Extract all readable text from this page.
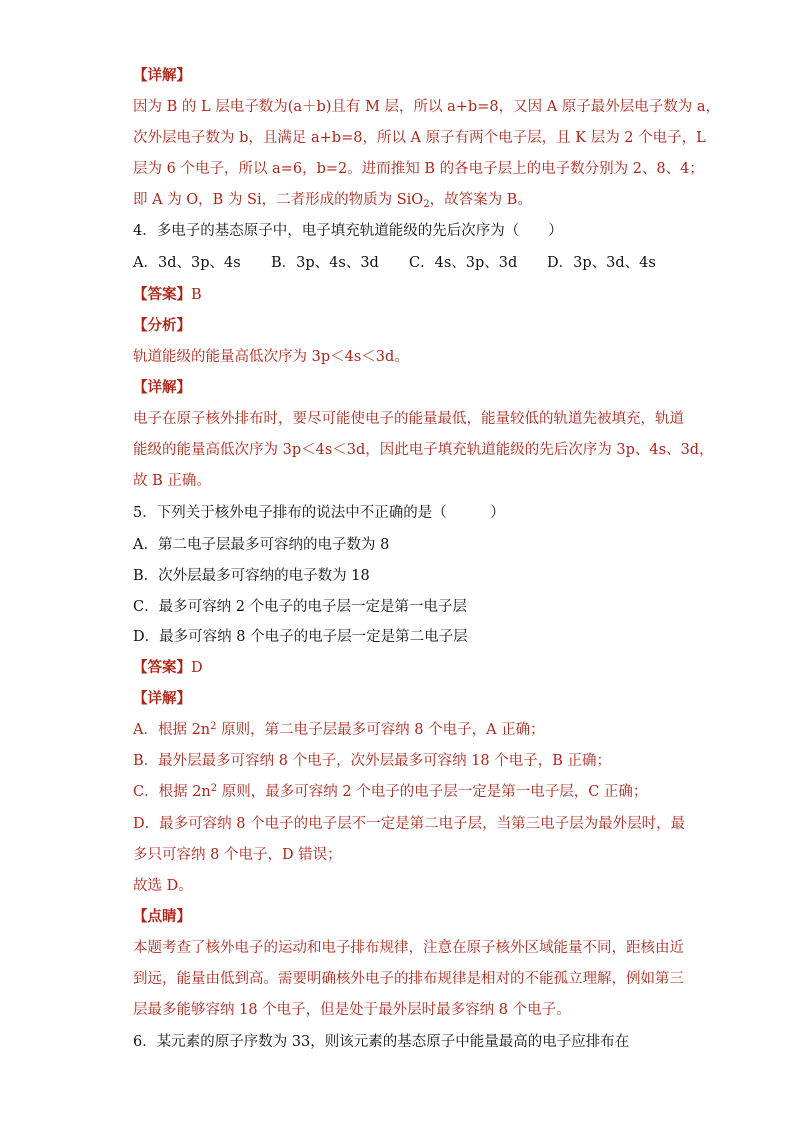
【详解】
因为 B 的 L 层电子数为(a＋b)且有 M 层，所以 a+b=8，又因 A 原子最外层电子数为 a，
次外层电子数为 b，且满足 a+b=8，所以 A 原子有两个电子层，且 K 层为 2 个电子，L
层为 6 个电子，所以 a=6，b=2。进而推知 B 的各电子层上的电子数分别为 2、8、4；
即 A 为 O，B 为 Si，二者形成的物质为 SiO$_2$，故答案为 B。
4．多电子的基态原子中，电子填充轨道能级的先后次序为（　　）
A．3d、3p、4s B．3p、4s、3d C．4s、3p、3d D．3p、3d、4s
【答案】B
【分析】
轨道能级的能量高低次序为 3p＜4s＜3d。
【详解】
电子在原子核外排布时，要尽可能使电子的能量最低，能量较低的轨道先被填充，轨道
能级的能量高低次序为 3p＜4s＜3d，因此电子填充轨道能级的先后次序为 3p、4s、3d，
故 B 正确。
5．下列关于核外电子排布的说法中不正确的是（　　　）
A．第二电子层最多可容纳的电子数为 8
B．次外层最多可容纳的电子数为 18
C．最多可容纳 2 个电子的电子层一定是第一电子层
D．最多可容纳 8 个电子的电子层一定是第二电子层
【答案】D
【详解】
A．根据 $2n^2$ 原则，第二电子层最多可容纳 8 个电子，A 正确；
B．最外层最多可容纳 8 个电子，次外层最多可容纳 18 个电子，B 正确；
C．根据 $2n^2$ 原则，最多可容纳 2 个电子的电子层一定是第一电子层，C 正确；
D．最多可容纳 8 个电子的电子层不一定是第二电子层，当第三电子层为最外层时，最
多只可容纳 8 个电子，D 错误；
故选 D。
【点睛】
本题考查了核外电子的运动和电子排布规律，注意在原子核外区域能量不同，距核由近
到远，能量由低到高。需要明确核外电子的排布规律是相对的不能孤立理解，例如第三
层最多能够容纳 18 个电子，但是处于最外层时最多容纳 8 个电子。
6．某元素的原子序数为 33，则该元素的基态原子中能量最高的电子应排布在
